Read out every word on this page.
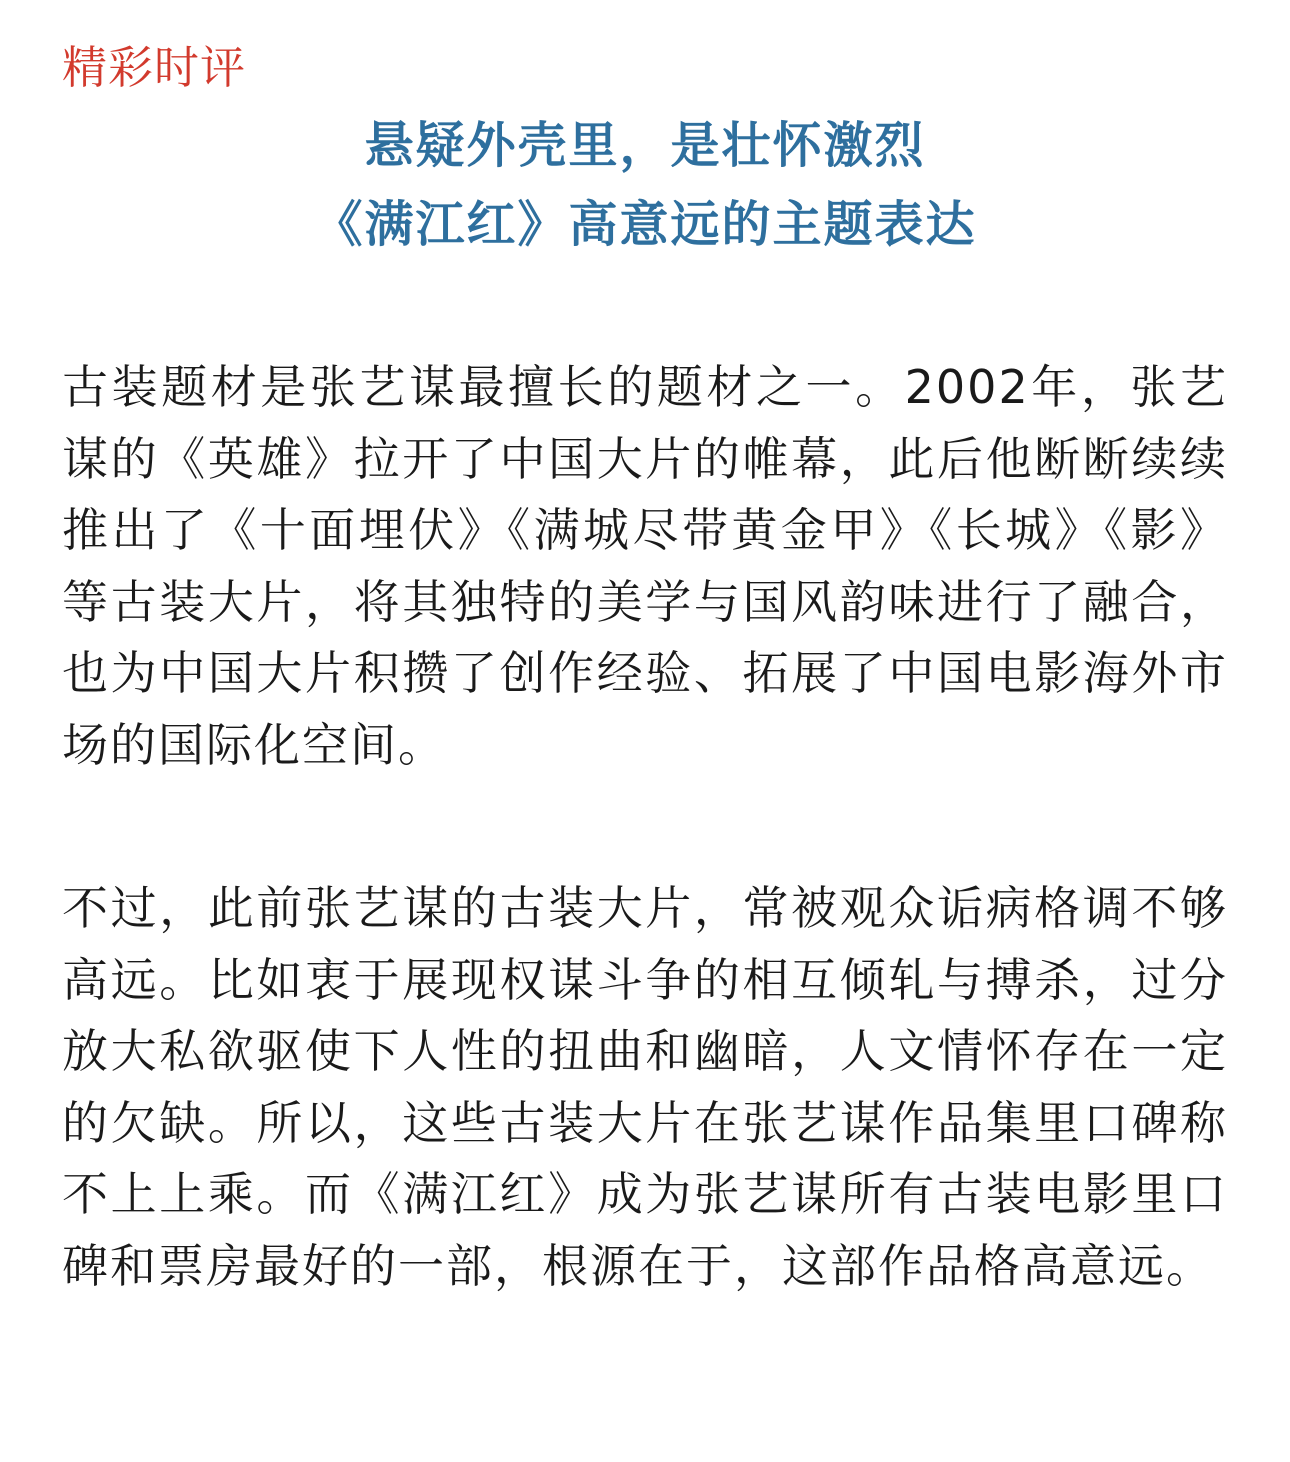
精彩时评
悬疑外壳里，是壮怀激烈
《满江红》高意远的主题表达

古装题材是张艺谋最擅长的题材之一。2002年，张艺谋的《英雄》拉开了中国大片的帷幕，此后他断断续续推出了《十面埋伏》《满城尽带黄金甲》《长城》《影》等古装大片，将其独特的美学与国风韵味进行了融合，也为中国大片积攒了创作经验、拓展了中国电影海外市场的国际化空间。

不过，此前张艺谋的古装大片，常被观众诟病格调不够高远。比如衷于展现权谋斗争的相互倾轧与搏杀，过分放大私欲驱使下人性的扭曲和幽暗，人文情怀存在一定的欠缺。所以，这些古装大片在张艺谋作品集里口碑称不上上乘。而《满江红》成为张艺谋所有古装电影里口碑和票房最好的一部，根源在于，这部作品格高意远。
